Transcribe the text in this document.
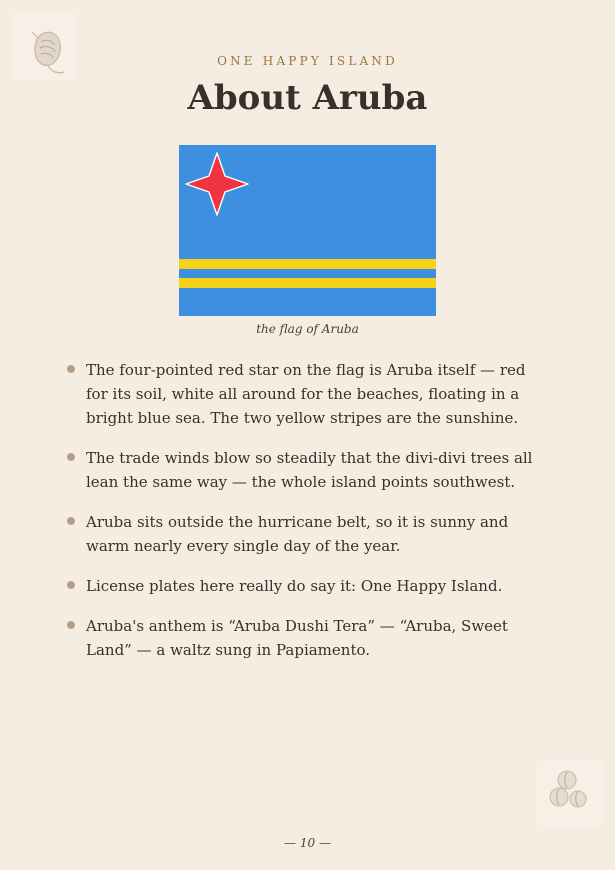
ONE HAPPY ISLAND
About Aruba
the flag of Aruba
The four-pointed red star on the flag is Aruba itself — red for its soil, white all around for the beaches, floating in a bright blue sea. The two yellow stripes are the sunshine.
The trade winds blow so steadily that the divi-divi trees all lean the same way — the whole island points southwest.
Aruba sits outside the hurricane belt, so it is sunny and warm nearly every single day of the year.
License plates here really do say it: One Happy Island.
Aruba's anthem is “Aruba Dushi Tera” — “Aruba, Sweet Land” — a waltz sung in Papiamento.
— 10 —
